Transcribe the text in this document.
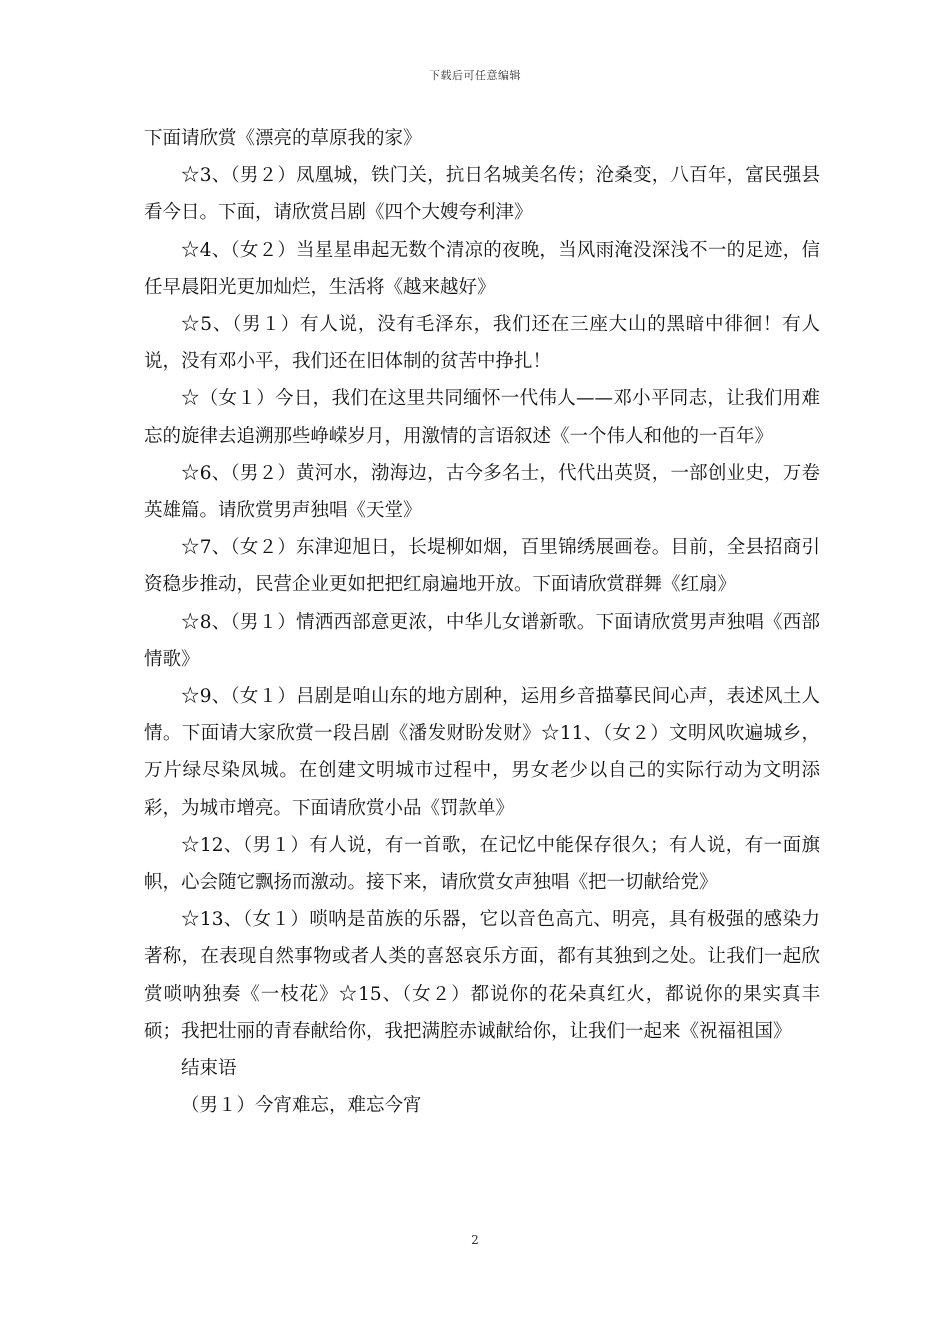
下载后可任意编辑

下面请欣赏《漂亮的草原我的家》

☆3、（男２）凤凰城，铁门关，抗日名城美名传；沧桑变，八百年，富民强县看今日。下面，请欣赏吕剧《四个大嫂夸利津》

☆4、（女２）当星星串起无数个清凉的夜晚，当风雨淹没深浅不一的足迹，信任早晨阳光更加灿烂，生活将《越来越好》

☆5、（男１）有人说，没有毛泽东，我们还在三座大山的黑暗中徘徊！有人说，没有邓小平，我们还在旧体制的贫苦中挣扎！

☆（女１）今日，我们在这里共同缅怀一代伟人——邓小平同志，让我们用难忘的旋律去追溯那些峥嵘岁月，用激情的言语叙述《一个伟人和他的一百年》

☆6、（男２）黄河水，渤海边，古今多名士，代代出英贤，一部创业史，万卷英雄篇。请欣赏男声独唱《天堂》

☆7、（女２）东津迎旭日，长堤柳如烟，百里锦绣展画卷。目前，全县招商引资稳步推动，民营企业更如把把红扇遍地开放。下面请欣赏群舞《红扇》

☆8、（男１）情洒西部意更浓，中华儿女谱新歌。下面请欣赏男声独唱《西部情歌》

☆9、（女１）吕剧是咱山东的地方剧种，运用乡音描摹民间心声，表述风土人情。下面请大家欣赏一段吕剧《潘发财盼发财》☆11、（女２）文明风吹遍城乡，万片绿尽染凤城。在创建文明城市过程中，男女老少以自己的实际行动为文明添彩，为城市增亮。下面请欣赏小品《罚款单》

☆12、（男１）有人说，有一首歌，在记忆中能保存很久；有人说，有一面旗帜，心会随它飘扬而激动。接下来，请欣赏女声独唱《把一切献给党》

☆13、（女１）唢呐是苗族的乐器，它以音色高亢、明亮，具有极强的感染力著称，在表现自然事物或者人类的喜怒哀乐方面，都有其独到之处。让我们一起欣赏唢呐独奏《一枝花》☆15、（女２）都说你的花朵真红火，都说你的果实真丰硕；我把壮丽的青春献给你，我把满腔赤诚献给你，让我们一起来《祝福祖国》

结束语

（男１）今宵难忘，难忘今宵

2
